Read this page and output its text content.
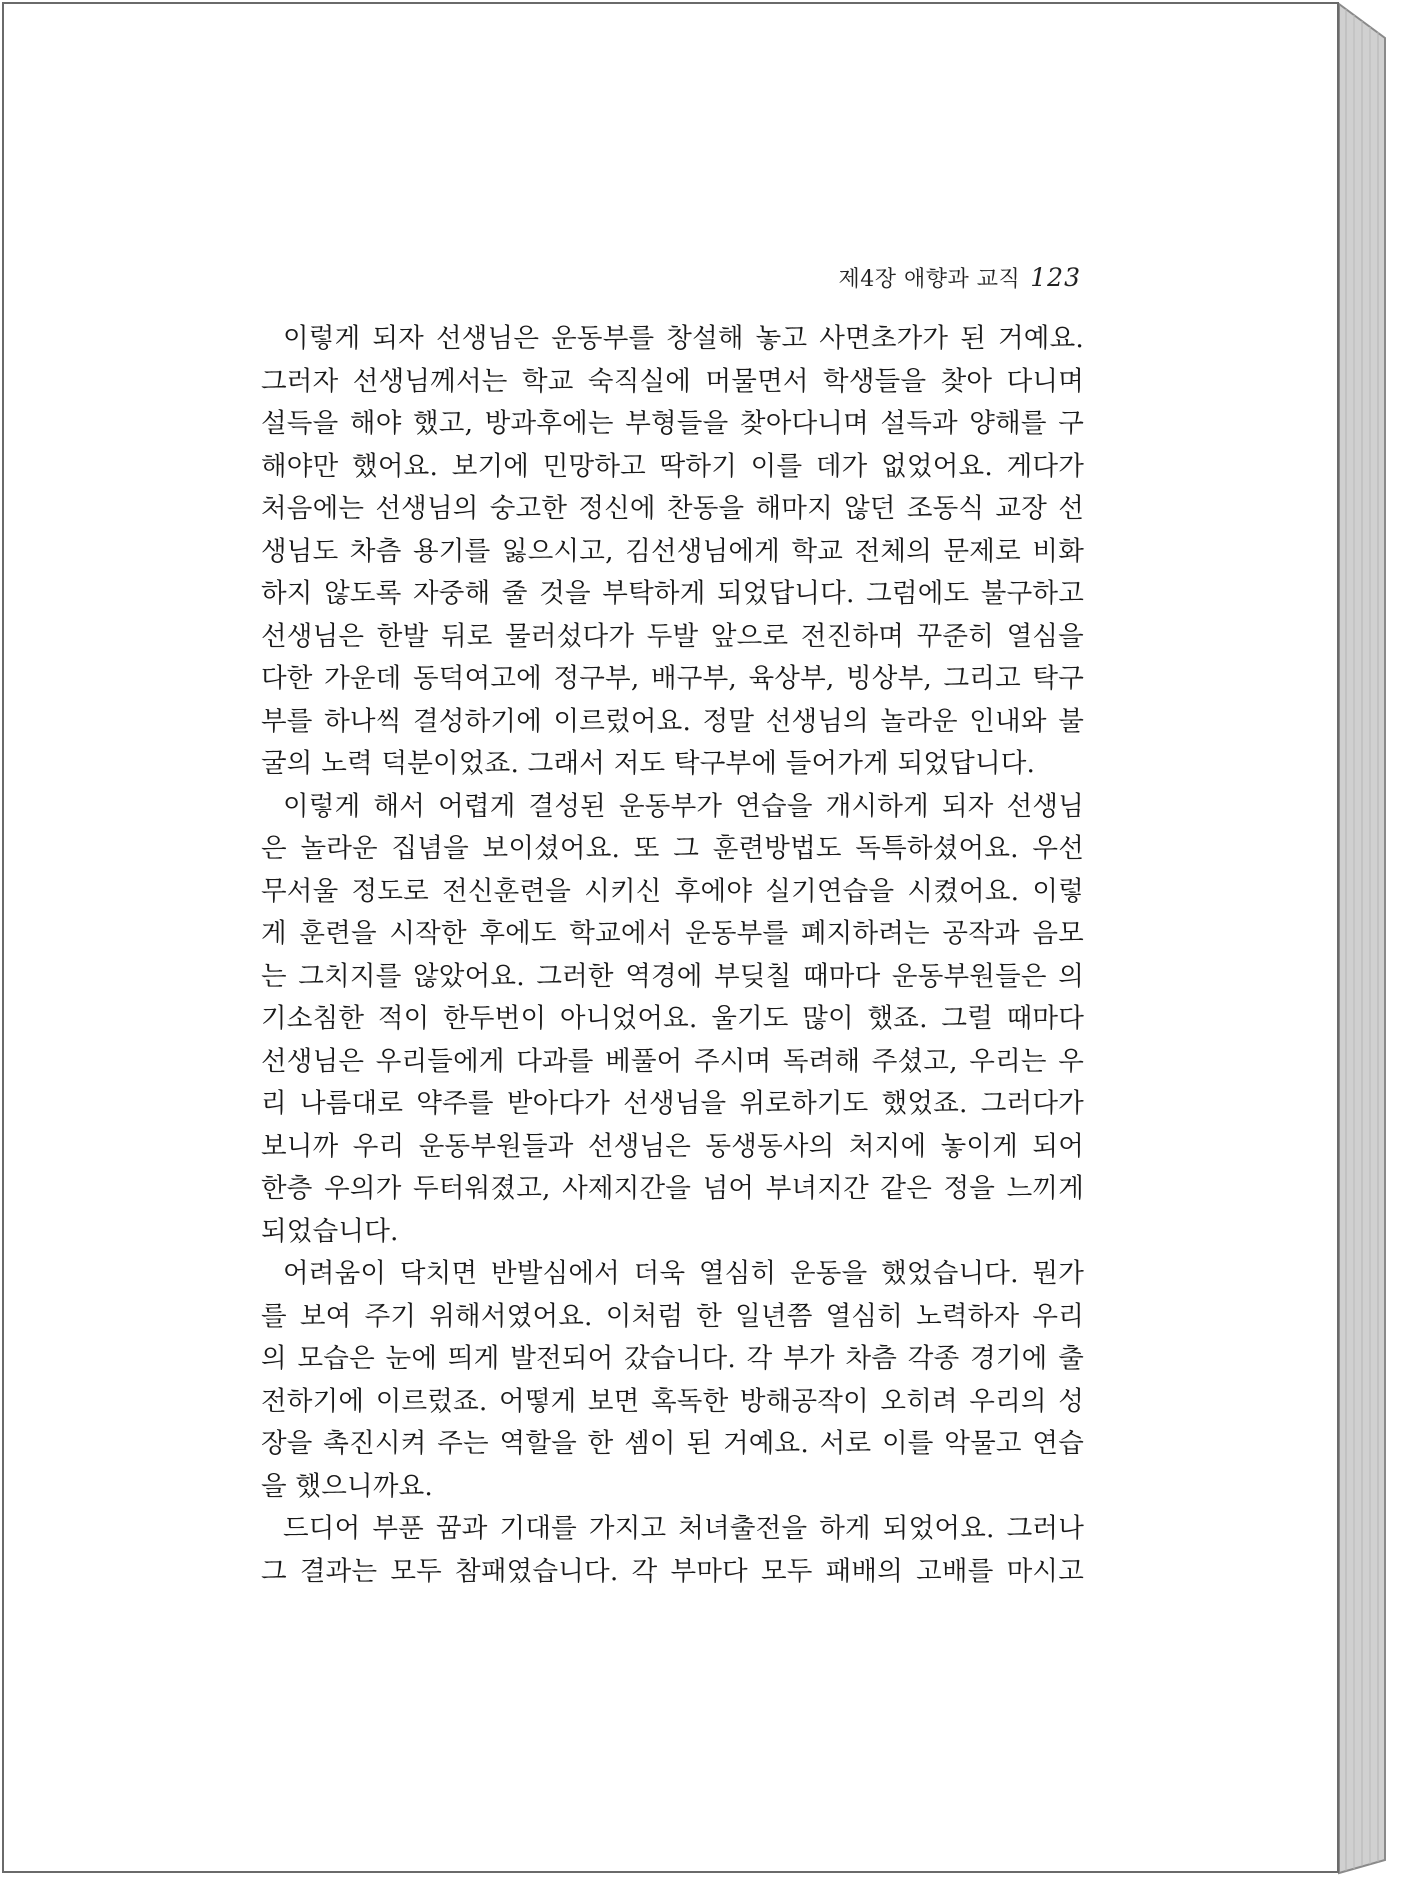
제4장 애향과 교직 123
이렇게 되자 선생님은 운동부를 창설해 놓고 사면초가가 된 거예요.
그러자 선생님께서는 학교 숙직실에 머물면서 학생들을 찾아 다니며
설득을 해야 했고, 방과후에는 부형들을 찾아다니며 설득과 양해를 구
해야만 했어요. 보기에 민망하고 딱하기 이를 데가 없었어요. 게다가
처음에는 선생님의 숭고한 정신에 찬동을 해마지 않던 조동식 교장 선
생님도 차츰 용기를 잃으시고, 김선생님에게 학교 전체의 문제로 비화
하지 않도록 자중해 줄 것을 부탁하게 되었답니다. 그럼에도 불구하고
선생님은 한발 뒤로 물러섰다가 두발 앞으로 전진하며 꾸준히 열심을
다한 가운데 동덕여고에 정구부, 배구부, 육상부, 빙상부, 그리고 탁구
부를 하나씩 결성하기에 이르렀어요. 정말 선생님의 놀라운 인내와 불
굴의 노력 덕분이었죠. 그래서 저도 탁구부에 들어가게 되었답니다.
이렇게 해서 어렵게 결성된 운동부가 연습을 개시하게 되자 선생님
은 놀라운 집념을 보이셨어요. 또 그 훈련방법도 독특하셨어요. 우선
무서울 정도로 전신훈련을 시키신 후에야 실기연습을 시켰어요. 이렇
게 훈련을 시작한 후에도 학교에서 운동부를 폐지하려는 공작과 음모
는 그치지를 않았어요. 그러한 역경에 부딪칠 때마다 운동부원들은 의
기소침한 적이 한두번이 아니었어요. 울기도 많이 했죠. 그럴 때마다
선생님은 우리들에게 다과를 베풀어 주시며 독려해 주셨고, 우리는 우
리 나름대로 약주를 받아다가 선생님을 위로하기도 했었죠. 그러다가
보니까 우리 운동부원들과 선생님은 동생동사의 처지에 놓이게 되어
한층 우의가 두터워졌고, 사제지간을 넘어 부녀지간 같은 정을 느끼게
되었습니다.
어려움이 닥치면 반발심에서 더욱 열심히 운동을 했었습니다. 뭔가
를 보여 주기 위해서였어요. 이처럼 한 일년쯤 열심히 노력하자 우리
의 모습은 눈에 띄게 발전되어 갔습니다. 각 부가 차츰 각종 경기에 출
전하기에 이르렀죠. 어떻게 보면 혹독한 방해공작이 오히려 우리의 성
장을 촉진시켜 주는 역할을 한 셈이 된 거예요. 서로 이를 악물고 연습
을 했으니까요.
드디어 부푼 꿈과 기대를 가지고 처녀출전을 하게 되었어요. 그러나
그 결과는 모두 참패였습니다. 각 부마다 모두 패배의 고배를 마시고
